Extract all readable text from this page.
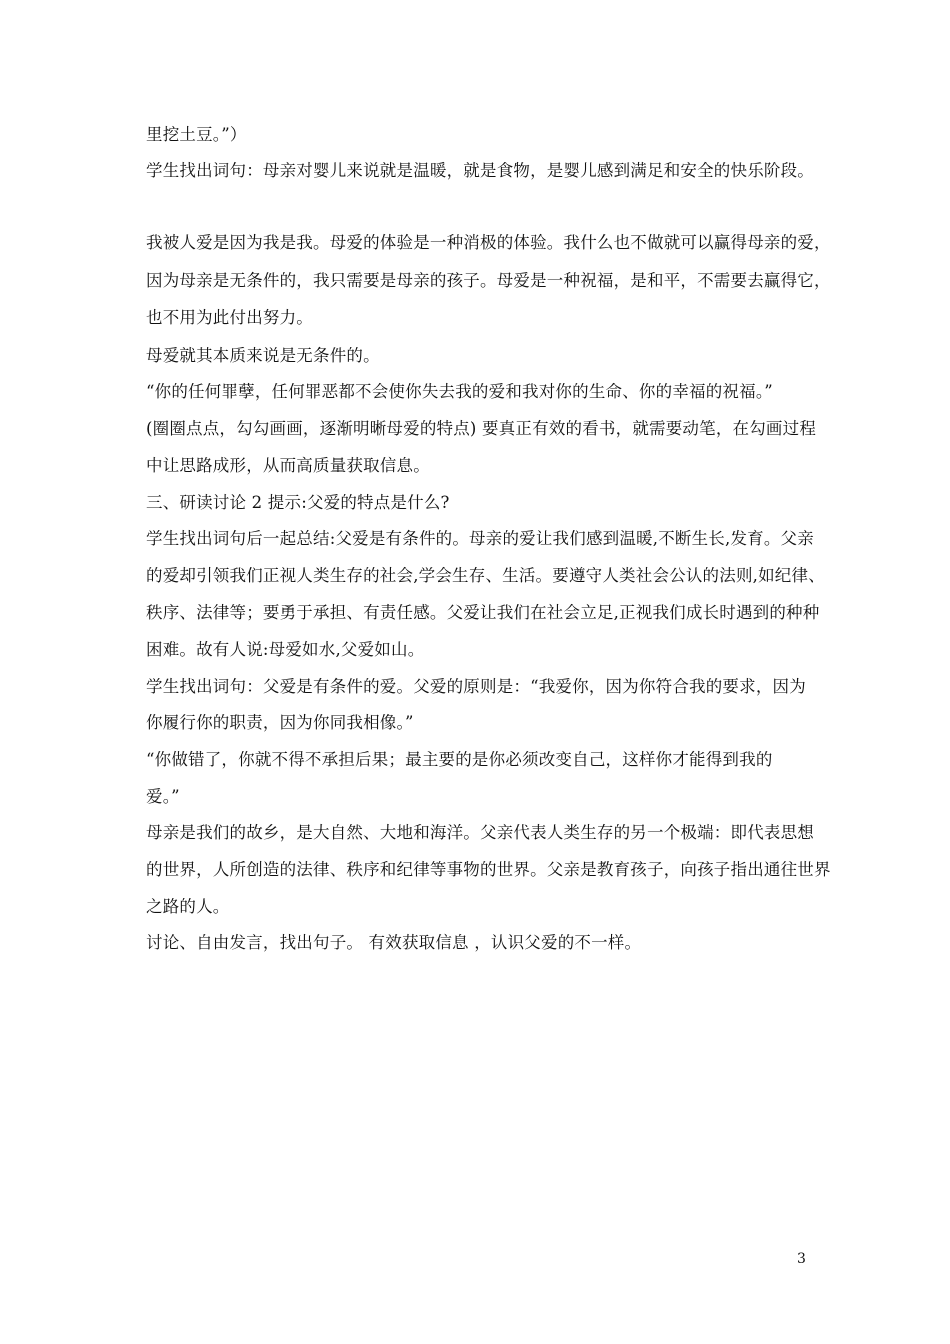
里挖土豆。”）
学生找出词句：母亲对婴儿来说就是温暖，就是食物，是婴儿感到满足和安全的快乐阶段。
我被人爱是因为我是我。母爱的体验是一种消极的体验。我什么也不做就可以赢得母亲的爱，
因为母亲是无条件的，我只需要是母亲的孩子。母爱是一种祝福，是和平，不需要去赢得它，
也不用为此付出努力。
母爱就其本质来说是无条件的。
“你的任何罪孽，任何罪恶都不会使你失去我的爱和我对你的生命、你的幸福的祝福。”
(圈圈点点，勾勾画画，逐渐明晰母爱的特点) 要真正有效的看书，就需要动笔，在勾画过程
中让思路成形，从而高质量获取信息。
三、研读讨论 2 提示:父爱的特点是什么?
学生找出词句后一起总结:父爱是有条件的。母亲的爱让我们感到温暖,不断生长,发育。父亲
的爱却引领我们正视人类生存的社会,学会生存、生活。要遵守人类社会公认的法则,如纪律、
秩序、法律等；要勇于承担、有责任感。父爱让我们在社会立足,正视我们成长时遇到的种种
困难。故有人说:母爱如水,父爱如山。
学生找出词句：父爱是有条件的爱。父爱的原则是：“我爱你，因为你符合我的要求，因为
你履行你的职责，因为你同我相像。”
“你做错了，你就不得不承担后果；最主要的是你必须改变自己，这样你才能得到我的
爱。”
母亲是我们的故乡，是大自然、大地和海洋。父亲代表人类生存的另一个极端：即代表思想
的世界，人所创造的法律、秩序和纪律等事物的世界。父亲是教育孩子，向孩子指出通往世界
之路的人。
讨论、自由发言，找出句子。 有效获取信息 ，认识父爱的不一样。
3
